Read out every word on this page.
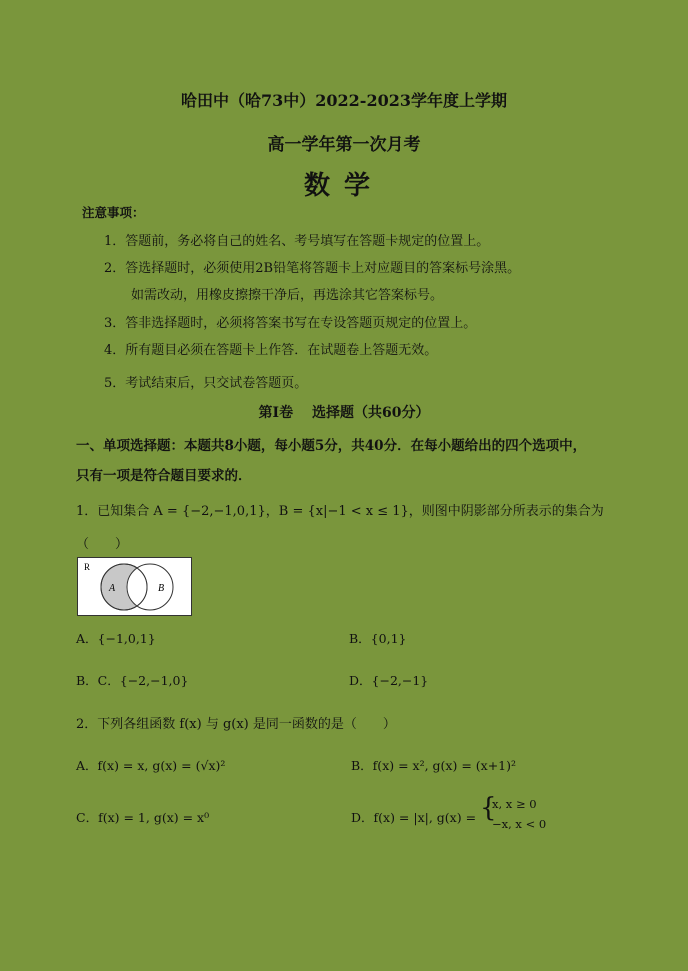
哈田中（哈73中）2022-2023学年度上学期
高一学年第一次月考
数学
注意事项：
1．答题前，务必将自己的姓名、考号填写在答题卡规定的位置上。
2．答选择题时，必须使用2B铅笔将答题卡上对应题目的答案标号涂黑。
如需改动，用橡皮擦擦干净后，再选涂其它答案标号。
3．答非选择题时，必须将答案书写在专设答题页规定的位置上。
4．所有题目必须在答题卡上作答．在试题卷上答题无效。
5．考试结束后，只交试卷答题页。
第Ⅰ卷　 选择题（共60分）
一、单项选择题：本题共8小题，每小题5分，共40分．在每小题给出的四个选项中，
只有一项是符合题目要求的．
1．已知集合 A = {−2,−1,0,1}，B = {x|−1 < x ≤ 1}，则图中阴影部分所表示的集合为
（　　）
R
A	B
A．{−1,0,1}	B．{0,1}
B．C．{−2,−1,0}	D．{−2,−1}
2．下列各组函数 f(x) 与 g(x) 是同一函数的是（　　）
A．f(x) = x, g(x) = (√x)²	B．f(x) = x², g(x) = (x+1)²
C．f(x) = 1, g(x) = x⁰	D．f(x) = |x|, g(x) = {
x, x ≥ 0
−x, x < 0
